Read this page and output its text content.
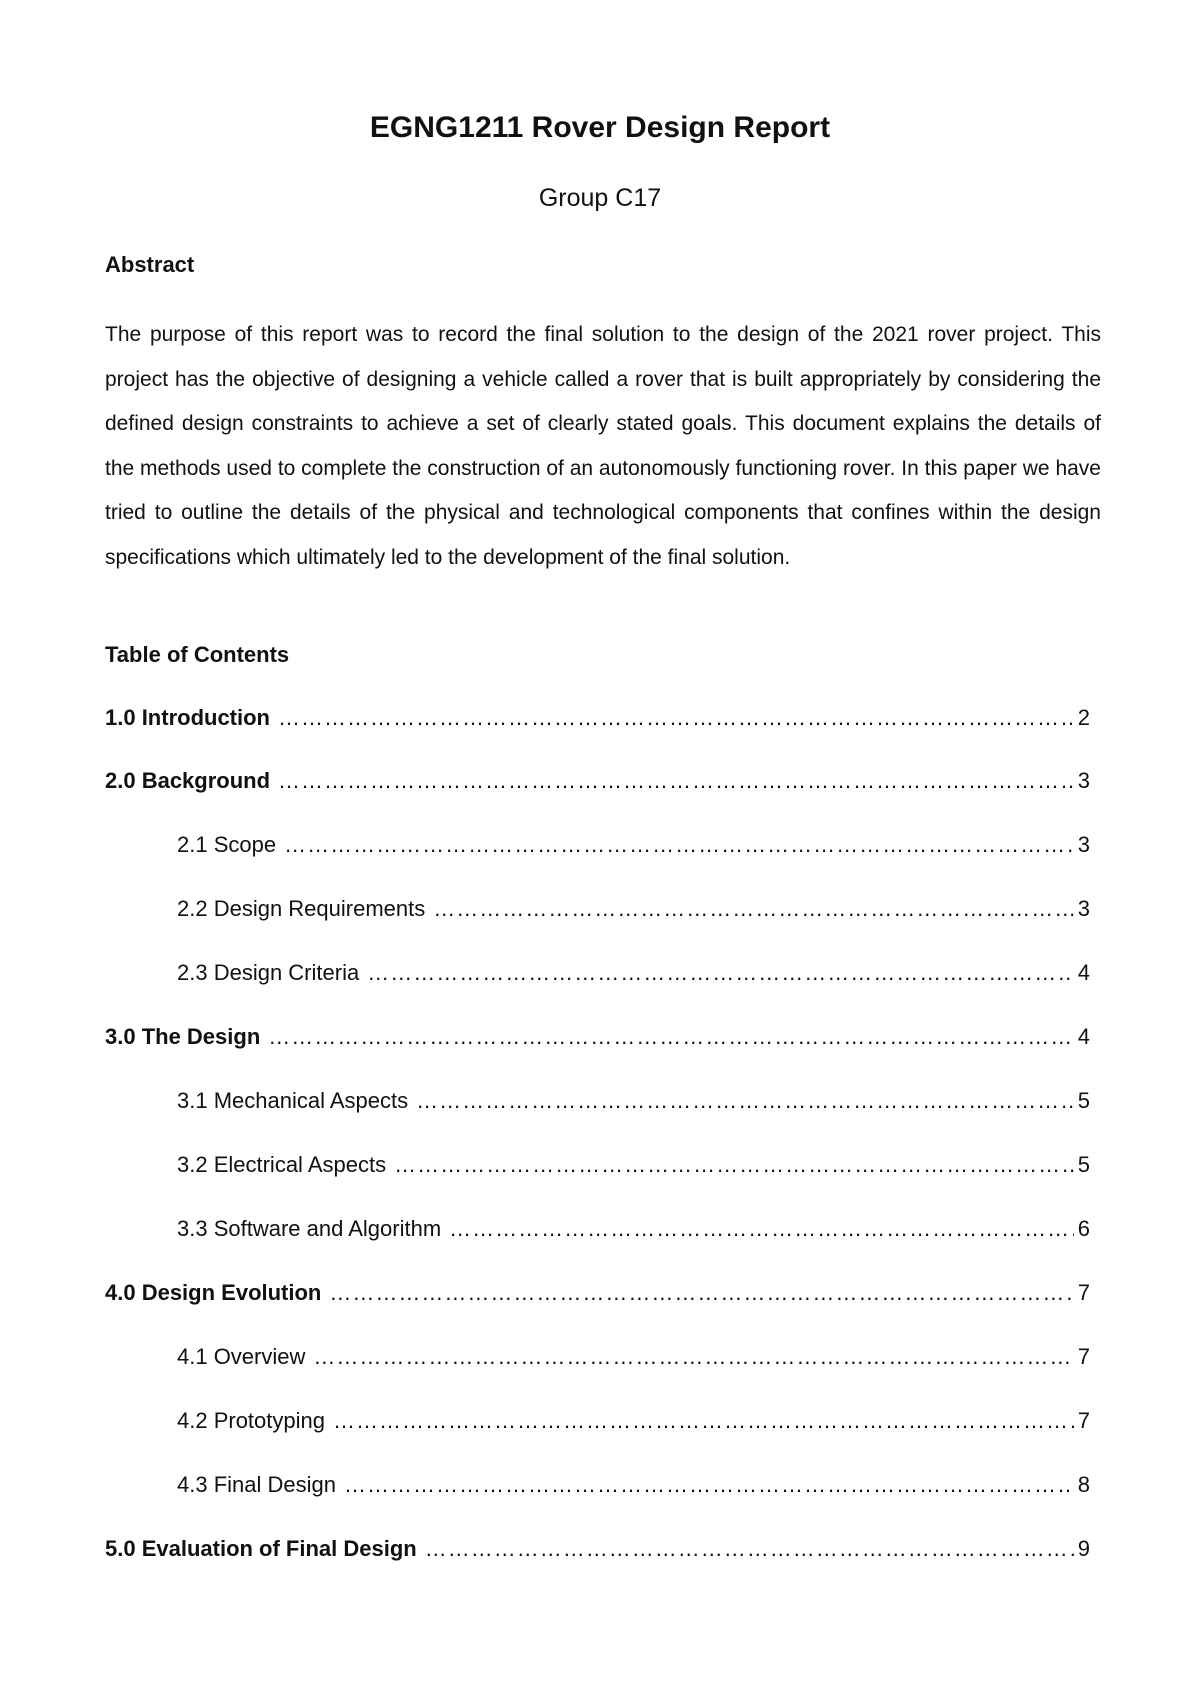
EGNG1211 Rover Design Report
Group C17
Abstract
The purpose of this report was to record the final solution to the design of the 2021 rover project. This project has the objective of designing a vehicle called a rover that is built appropriately by considering the defined design constraints to achieve a set of clearly stated goals. This document explains the details of the methods used to complete the construction of an autonomously functioning rover. In this paper we have tried to outline the details of the physical and technological components that confines within the design specifications which ultimately led to the development of the final solution.
Table of Contents
1.0 Introduction …………………………………………………………………………………………………………………………………………………………………………………………………………	2
2.0 Background …………………………………………………………………………………………………………………………………………………………………………………………………………	3
2.1 Scope …………………………………………………………………………………………………………………………………………………………………………………………………………	3
2.2 Design Requirements …………………………………………………………………………………………………………………………………………………………………………………………………………	3
2.3 Design Criteria …………………………………………………………………………………………………………………………………………………………………………………………………………	4
3.0 The Design …………………………………………………………………………………………………………………………………………………………………………………………………………	4
3.1 Mechanical Aspects …………………………………………………………………………………………………………………………………………………………………………………………………………	5
3.2 Electrical Aspects …………………………………………………………………………………………………………………………………………………………………………………………………………	5
3.3 Software and Algorithm …………………………………………………………………………………………………………………………………………………………………………………………………………	6
4.0 Design Evolution …………………………………………………………………………………………………………………………………………………………………………………………………………	7
4.1 Overview …………………………………………………………………………………………………………………………………………………………………………………………………………	7
4.2 Prototyping …………………………………………………………………………………………………………………………………………………………………………………………………………	7
4.3 Final Design …………………………………………………………………………………………………………………………………………………………………………………………………………	8
5.0 Evaluation of Final Design …………………………………………………………………………………………………………………………………………………………………………………………………………	9
